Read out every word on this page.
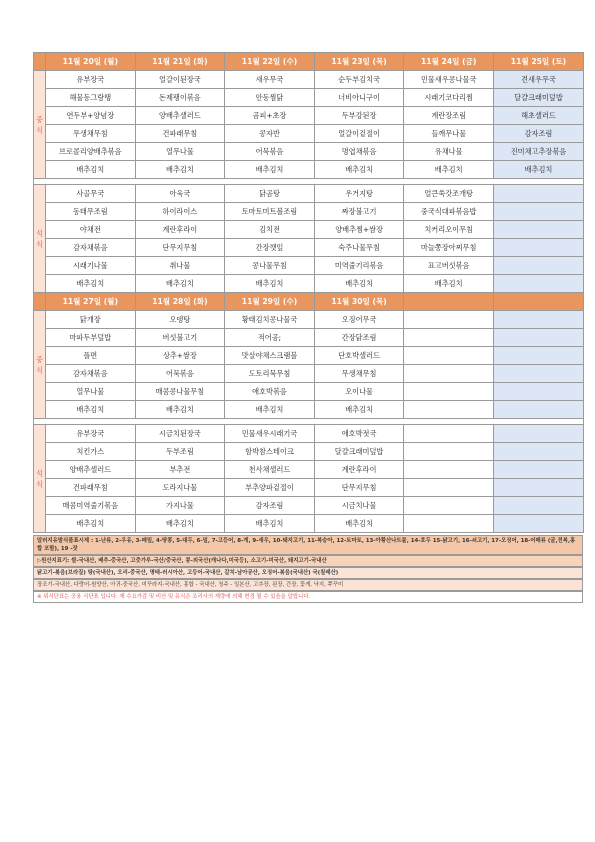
	11월 20일 (월)	11월 21일 (화)	11월 22일 (수)	11월 23일 (목)	11월 24일 (금)	11월 25일 (토)

중
식	유부장국	얼갈이된장국	새우무국	순두부김치국	민물새우콩나물국	견새우무국
	해물동그랑땡	돈제팽이볶음	안동찜닭	너비아니구이	시래기코다리찜	달걀크래미덮밥
	연두부+양념장	양배추샐러드	곰피+초장	두부강된장	계란장조림	해초샐러드
	무생채무침	건파래무침	콩자반	얼갈이겉절이	들깨무나물	감자조림
	브로콜리양배추볶음	열무나물	어묵볶음	명엽채볶음	유채나물	진미채고추장볶음
	배추김치	배추김치	배추김치	배추김치	배추김치	배추김치

석
식	사골무국	아욱국	닭곰탕	우거지탕	얼큰쑥갓조개탕	
	동태무조림	하이라이스	토마토미트볼조림	짜장불고기	중국식대파볶음밥	
	야채전	계란후라이	김치전	양배추찜+쌈장	치커리오이무침	
	감자채볶음	단무지무침	간장깻잎	숙주나물무침	마늘쫑장아찌무침	
	시래기나물	취나물	콩나물무침	미역줄기리볶음	표고버섯볶음	
	배추김치	배추김치	배추김치	배추김치	배추김치	
	11월 27일 (월)	11월 28일 (화)	11월 29일 (수)	11월 30일 (목)		

중
식	닭개장	오뎅탕	황태김치콩나물국	오징어무국		
	마파두부덮밥	버섯불고기	적어공;	간장닭조림		
	플면	상추+쌈장	맛살야채스크램블	단호박샐러드		
	감자채볶음	어묵볶음	도토리묵무침	무생채무침		
	열무나물	매콤콩나물무침	애호박볶음	오이나물		
	배추김치	배추김치	배추김치	배추김치		

석
식	유부장국	시금치된장국	민물새우시래기국	애호박젓국		
	치킨가스	두부조림	함박참스테이크	달걀크래미덮밥		
	양배추샐러드	부추전	천사채샐러드	계란후라이		
	건파래무침	도라지나물	부추양파겉절이	단무지무침		
	매콤미역줄기볶음	가지나물	감자조림	시금치나물		
	배추김치	배추김치	배추김치	배추김치		
알러지유발식품표시제 : 1-난류, 2-우유, 3-메밀, 4-땅콩, 5-대두, 6-밀, 7-고등어, 8-게, 9-새우, 10-돼지고기, 11-복숭아, 12-토마토, 13-아황산나트륨, 14-호두 15-닭고기, 16-쇠고기, 17-오징어, 18-어패류 (굴,전복,홍합 포함), 19 -잣
▷원산지표기: 쌀-국내산, 배추-중국산, 고춧가루-국산/중국산, 콩-외국산(캐나다,미국등), 소고기-미국산, 돼지고기-국내산
닭고기-볶음(브라질) 탕(국내산), 오리-중국산, 명태-러시아산, 고등어-국내산, 갈치-남아공산, 오징어-볶음(국내산) 국(칠레산)
장조기-국내산, 다랑어-원양산, 아귀-중국산, 미꾸라지-국내산, 홍합 - 국내산, 청주 - 일본산, 고추장, 된장, 간장, 꽃게, 낙지, 쭈꾸미
※ 위식단표는 공용 식단표 입니다. 재 수요가감 및 비산 및 유식은 조리사의 재량에 의해 변경 될 수 있음을 알립니다.
